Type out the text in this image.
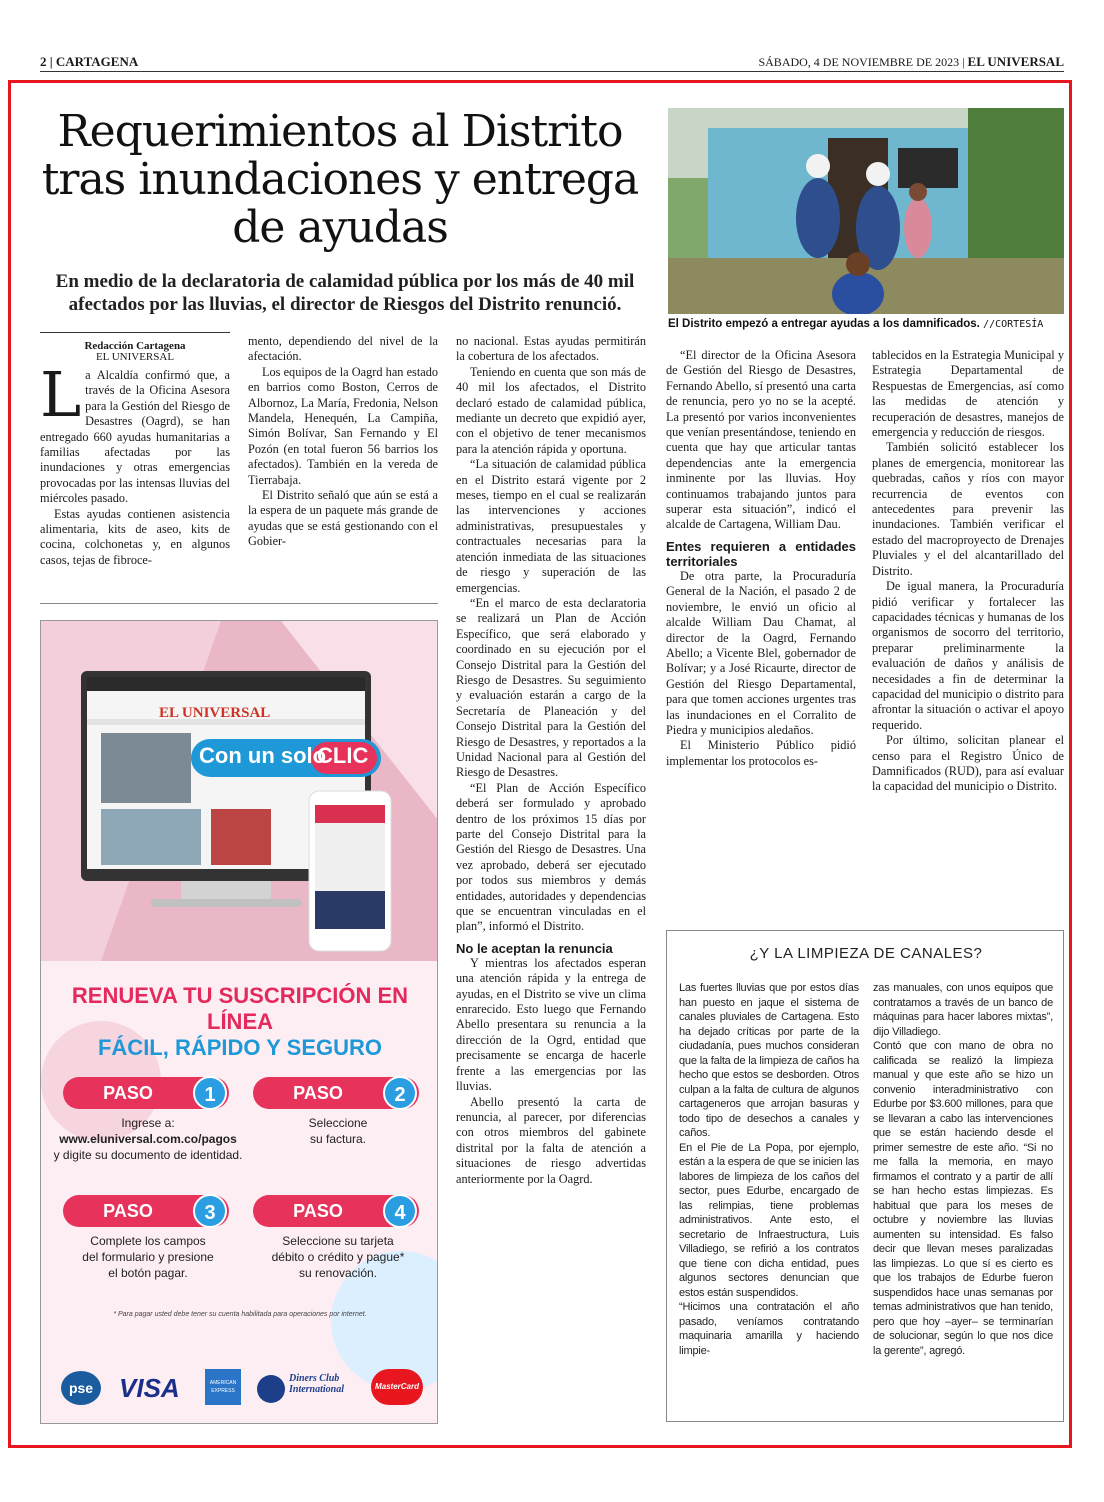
2 | CARTAGENA	SÁBADO, 4 DE NOVIEMBRE DE 2023 | EL UNIVERSAL
Requerimientos al Distrito tras inundaciones y entrega de ayudas
En medio de la declaratoria de calamidad pública por los más de 40 mil afectados por las lluvias, el director de Riesgos del Distrito renunció.
El Distrito empezó a entregar ayudas a los damnificados. //CORTESÍA
Redacción Cartagena
EL UNIVERSAL

La Alcaldía confirmó que, a través de la Oficina Asesora para la Gestión del Riesgo de Desastres (Oagrd), se han entregado 660 ayudas humanitarias a familias afectadas por las inundaciones y otras emergencias provocadas por las intensas lluvias del miércoles pasado.

Estas ayudas contienen asistencia alimentaria, kits de aseo, kits de cocina, colchonetas y, en algunos casos, tejas de fibroce-

mento, dependiendo del nivel de la afectación.

Los equipos de la Oagrd han estado en barrios como Boston, Cerros de Albornoz, La María, Fredonia, Nelson Mandela, Henequén, La Campiña, Simón Bolívar, San Fernando y El Pozón (en total fueron 56 barrios los afectados). También en la vereda de Tierrabaja.

El Distrito señaló que aún se está a la espera de un paquete más grande de ayudas que se está gestionando con el Gobier-

no nacional. Estas ayudas permitirán la cobertura de los afectados.

Teniendo en cuenta que son más de 40 mil los afectados, el Distrito declaró estado de calamidad pública, mediante un decreto que expidió ayer, con el objetivo de tener mecanismos para la atención rápida y oportuna.

“La situación de calamidad pública en el Distrito estará vigente por 2 meses, tiempo en el cual se realizarán las intervenciones y acciones administrativas, presupuestales y contractuales necesarias para la atención inmediata de las situaciones de riesgo y superación de las emergencias.

“En el marco de esta declaratoria se realizará un Plan de Acción Específico, que será elaborado y coordinado en su ejecución por el Consejo Distrital para la Gestión del Riesgo de Desastres. Su seguimiento y evaluación estarán a cargo de la Secretaría de Planeación y del Consejo Distrital para la Gestión del Riesgo de Desastres, y reportados a la Unidad Nacional para al Gestión del Riesgo de Desastres.

“El Plan de Acción Específico deberá ser formulado y aprobado dentro de los próximos 15 días por parte del Consejo Distrital para la Gestión del Riesgo de Desastres. Una vez aprobado, deberá ser ejecutado por todos sus miembros y demás entidades, autoridades y dependencias que se encuentran vinculadas en el plan”, informó el Distrito.

No le aceptan la renuncia

Y mientras los afectados esperan una atención rápida y la entrega de ayudas, en el Distrito se vive un clima enrarecido. Esto luego que Fernando Abello presentara su renuncia a la dirección de la Ogrd, entidad que precisamente se encarga de hacerle frente a las emergencias por las lluvias.

Abello presentó la carta de renuncia, al parecer, por diferencias con otros miembros del gabinete distrital por la falta de atención a situaciones de riesgo advertidas anteriormente por la Oagrd.

“El director de la Oficina Asesora de Gestión del Riesgo de Desastres, Fernando Abello, sí presentó una carta de renuncia, pero yo no se la acepté. La presentó por varios inconvenientes que venían presentándose, teniendo en cuenta que hay que articular tantas dependencias ante la emergencia inminente por las lluvias. Hoy continuamos trabajando juntos para superar esta situación”, indicó el alcalde de Cartagena, William Dau.

Entes requieren a entidades territoriales

De otra parte, la Procuraduría General de la Nación, el pasado 2 de noviembre, le envió un oficio al alcalde William Dau Chamat, al director de la Oagrd, Fernando Abello; a Vicente Blel, gobernador de Bolívar; y a José Ricaurte, director de Gestión del Riesgo Departamental, para que tomen acciones urgentes tras las inundaciones en el Corralito de Piedra y municipios aledaños.

El Ministerio Público pidió implementar los protocolos es-

tablecidos en la Estrategia Municipal y Estrategia Departamental de Respuestas de Emergencias, así como las medidas de atención y recuperación de desastres, manejos de emergencia y reducción de riesgos.

También solicitó establecer los planes de emergencia, monitorear las quebradas, caños y ríos con mayor recurrencia de eventos con antecedentes para prevenir las inundaciones. También verificar el estado del macroproyecto de Drenajes Pluviales y el del alcantarillado del Distrito.

De igual manera, la Procuraduría pidió verificar y fortalecer las capacidades técnicas y humanas de los organismos de socorro del territorio, preparar preliminarmente la evaluación de daños y análisis de necesidades a fin de determinar la capacidad del municipio o distrito para afrontar la situación o activar el apoyo requerido.

Por último, solicitan planear el censo para el Registro Único de Damnificados (RUD), para así evaluar la capacidad del municipio o Distrito.

EL UNIVERSAL
Con un solo
CLIC
RENUEVA TU SUSCRIPCIÓN EN LÍNEA
FÁCIL, RÁPIDO Y SEGURO
PASO	1
Ingrese a:
www.eluniversal.com.co/pagos
y digite su documento de identidad.
PASO	2
Seleccione
su factura.
PASO	3
Complete los campos
del formulario y presione
el botón pagar.
PASO	4
Seleccione su tarjeta
débito o crédito y pague*
su renovación.
* Para pagar usted debe tener su cuenta habilitada para operaciones por internet.
pse VISA	AMERICAN EXPRESS
Diners Club International	MasterCard
¿Y LA LIMPIEZA DE CANALES?

Las fuertes lluvias que por estos días han puesto en jaque el sistema de canales pluviales de Cartagena. Esto ha dejado críticas por parte de la ciudadanía, pues muchos consideran que la falta de la limpieza de caños ha hecho que estos se desborden. Otros culpan a la falta de cultura de algunos cartageneros que arrojan basuras y todo tipo de desechos a canales y caños.

En el Pie de La Popa, por ejemplo, están a la espera de que se inicien las labores de limpieza de los caños del sector, pues Edurbe, encargado de las relimpias, tiene problemas administrativos. Ante esto, el secretario de Infraestructura, Luis Villadiego, se refirió a los contratos que tiene con dicha entidad, pues algunos sectores denuncian que estos están suspendidos.

“Hicimos una contratación el año pasado, veníamos contratando maquinaria amarilla y haciendo limpie-

zas manuales, con unos equipos que contratamos a través de un banco de máquinas para hacer labores mixtas”, dijo Villadiego.

Contó que con mano de obra no calificada se realizó la limpieza manual y que este año se hizo un convenio interadministrativo con Edurbe por $3.600 millones, para que se llevaran a cabo las intervenciones que se están haciendo desde el primer semestre de este año. “Si no me falla la memoria, en mayo firmamos el contrato y a partir de allí se han hecho estas limpiezas. Es habitual que para los meses de octubre y noviembre las lluvias aumenten su intensidad. Es falso decir que llevan meses paralizadas las limpiezas. Lo que sí es cierto es que los trabajos de Edurbe fueron suspendidos hace unas semanas por temas administrativos que han tenido, pero que hoy –ayer– se terminarían de solucionar, según lo que nos dice la gerente”, agregó.
